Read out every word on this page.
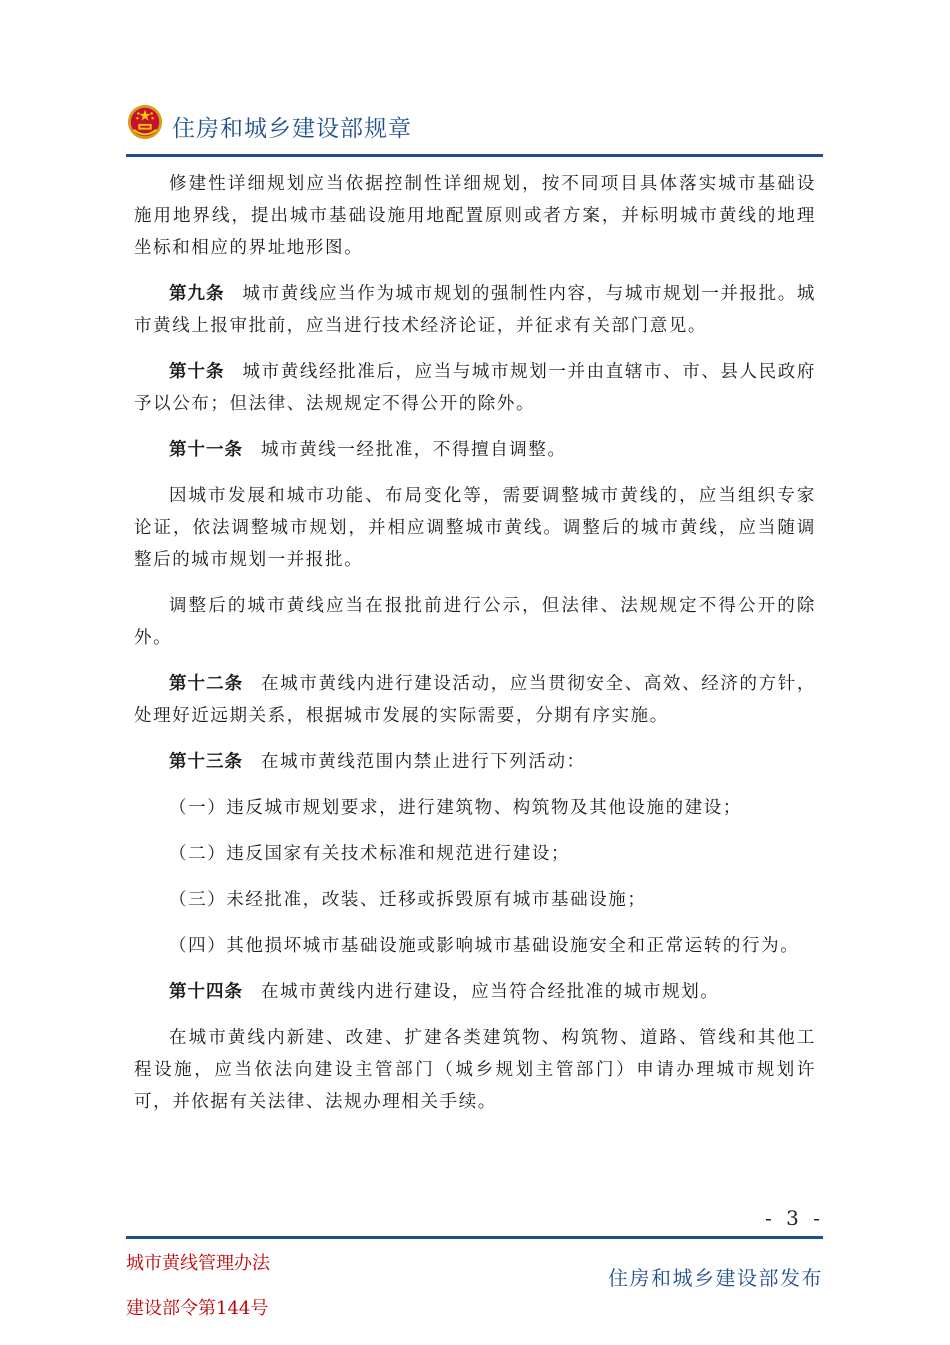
住房和城乡建设部规章

修建性详细规划应当依据控制性详细规划，按不同项目具体落实城市基础设施用地界线，提出城市基础设施用地配置原则或者方案，并标明城市黄线的地理坐标和相应的界址地形图。

第九条 城市黄线应当作为城市规划的强制性内容，与城市规划一并报批。城市黄线上报审批前，应当进行技术经济论证，并征求有关部门意见。

第十条 城市黄线经批准后，应当与城市规划一并由直辖市、市、县人民政府予以公布；但法律、法规规定不得公开的除外。

第十一条 城市黄线一经批准，不得擅自调整。

因城市发展和城市功能、布局变化等，需要调整城市黄线的，应当组织专家论证，依法调整城市规划，并相应调整城市黄线。调整后的城市黄线，应当随调整后的城市规划一并报批。

调整后的城市黄线应当在报批前进行公示，但法律、法规规定不得公开的除外。

第十二条 在城市黄线内进行建设活动，应当贯彻安全、高效、经济的方针，处理好近远期关系，根据城市发展的实际需要，分期有序实施。

第十三条 在城市黄线范围内禁止进行下列活动：

（一）违反城市规划要求，进行建筑物、构筑物及其他设施的建设；

（二）违反国家有关技术标准和规范进行建设；

（三）未经批准，改装、迁移或拆毁原有城市基础设施；

（四）其他损坏城市基础设施或影响城市基础设施安全和正常运转的行为。

第十四条 在城市黄线内进行建设，应当符合经批准的城市规划。

在城市黄线内新建、改建、扩建各类建筑物、构筑物、道路、管线和其他工程设施，应当依法向建设主管部门（城乡规划主管部门）申请办理城市规划许可，并依据有关法律、法规办理相关手续。

- 3 -
城市黄线管理办法
建设部令第144号
住房和城乡建设部发布
